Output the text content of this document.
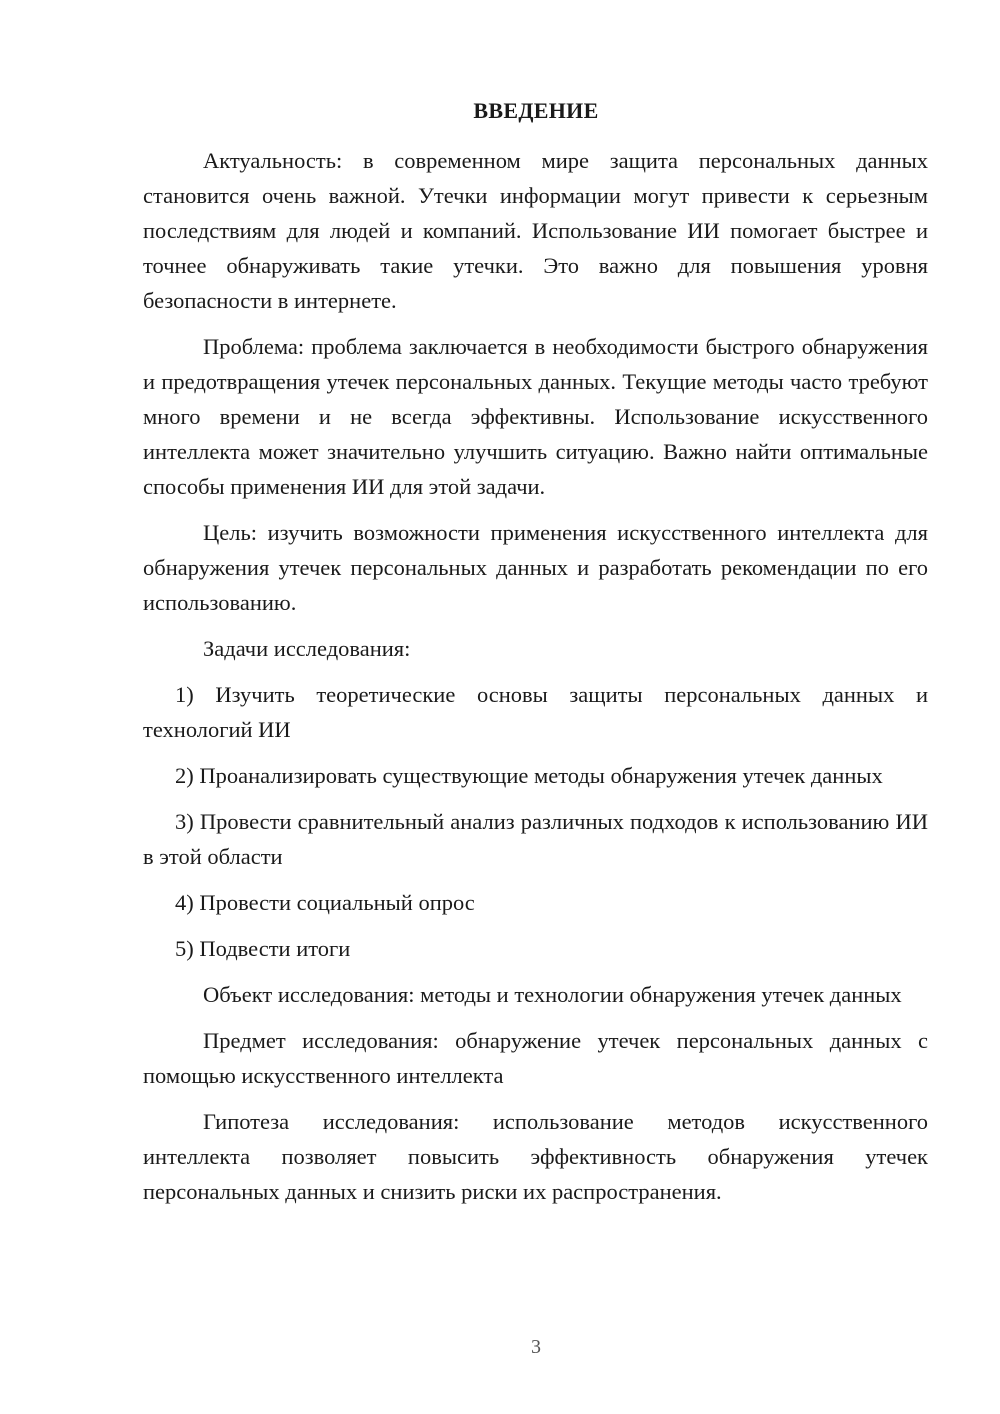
ВВЕДЕНИЕ

Актуальность: в современном мире защита персональных данных становится очень важной. Утечки информации могут привести к серьезным последствиям для людей и компаний. Использование ИИ помогает быстрее и точнее обнаруживать такие утечки. Это важно для повышения уровня безопасности в интернете.

Проблема: проблема заключается в необходимости быстрого обнаружения и предотвращения утечек персональных данных. Текущие методы часто требуют много времени и не всегда эффективны. Использование искусственного интеллекта может значительно улучшить ситуацию. Важно найти оптимальные способы применения ИИ для этой задачи.

Цель: изучить возможности применения искусственного интеллекта для обнаружения утечек персональных данных и разработать рекомендации по его использованию.

Задачи исследования:

1) Изучить теоретические основы защиты персональных данных и технологий ИИ

2) Проанализировать существующие методы обнаружения утечек данных

3) Провести сравнительный анализ различных подходов к использованию ИИ в этой области

4) Провести социальный опрос

5) Подвести итоги

Объект исследования: методы и технологии обнаружения утечек данных

Предмет исследования: обнаружение утечек персональных данных с помощью искусственного интеллекта

Гипотеза исследования: использование методов искусственного интеллекта позволяет повысить эффективность обнаружения утечек персональных данных и снизить риски их распространения.

3
